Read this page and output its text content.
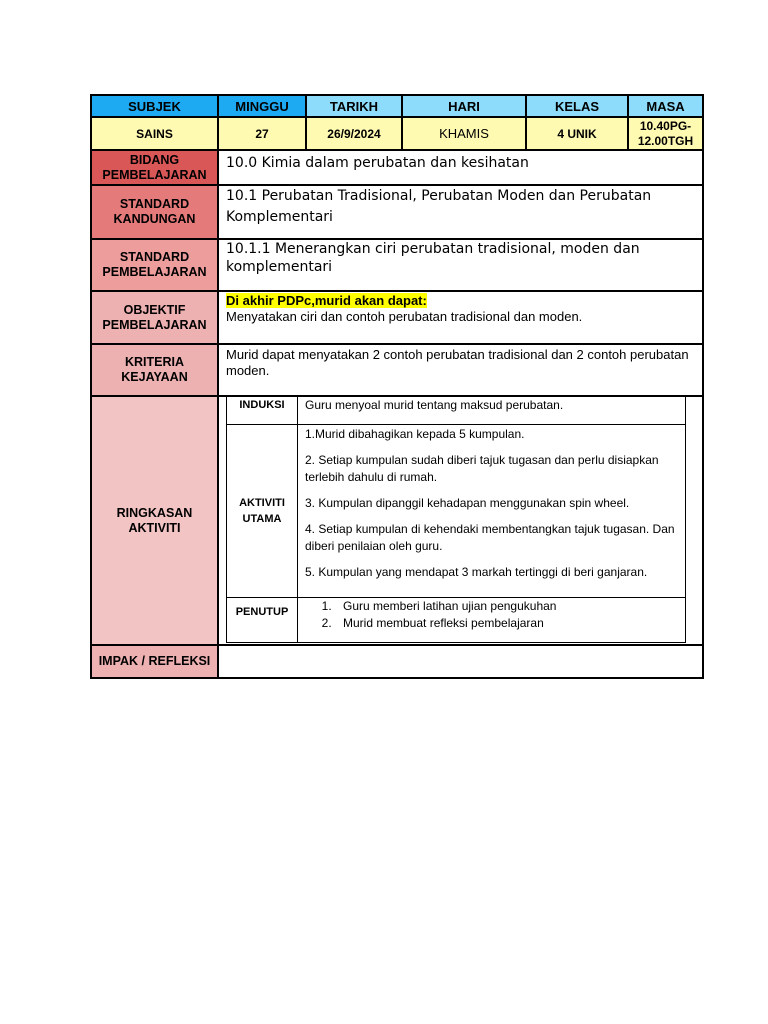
SUBJEK	MINGGU	TARIKH	HARI	KELAS	MASA
SAINS	27	26/9/2024	KHAMIS	4 UNIK
10.40PG-12.00TGH
BIDANG PEMBELAJARAN
10.0 Kimia dalam perubatan dan kesihatan
STANDARD KANDUNGAN
10.1 Perubatan Tradisional, Perubatan Moden dan Perubatan Komplementari
STANDARD PEMBELAJARAN
10.1.1 Menerangkan ciri perubatan tradisional, moden dan komplementari
OBJEKTIF PEMBELAJARAN
Di akhir PDPc,murid akan dapat:
Menyatakan ciri dan contoh perubatan tradisional dan moden.
KRITERIA KEJAYAAN
Murid dapat menyatakan 2 contoh perubatan tradisional dan 2 contoh perubatan moden.
RINGKASAN AKTIVITI
INDUKSI	Guru menyoal murid tentang maksud perubatan.
AKTIVITI UTAMA

1.Murid dibahagikan kepada 5 kumpulan.

2. Setiap kumpulan sudah diberi tajuk tugasan dan perlu disiapkan terlebih dahulu di rumah.

3. Kumpulan dipanggil kehadapan menggunakan spin wheel.

4. Setiap kumpulan di kehendaki membentangkan tajuk tugasan. Dan diberi penilaian oleh guru.

5. Kumpulan yang mendapat 3 markah tertinggi di beri ganjaran.

PENUTUP
1.	Guru memberi latihan ujian pengukuhan
2. Murid membuat refleksi pembelajaran
IMPAK / REFLEKSI
